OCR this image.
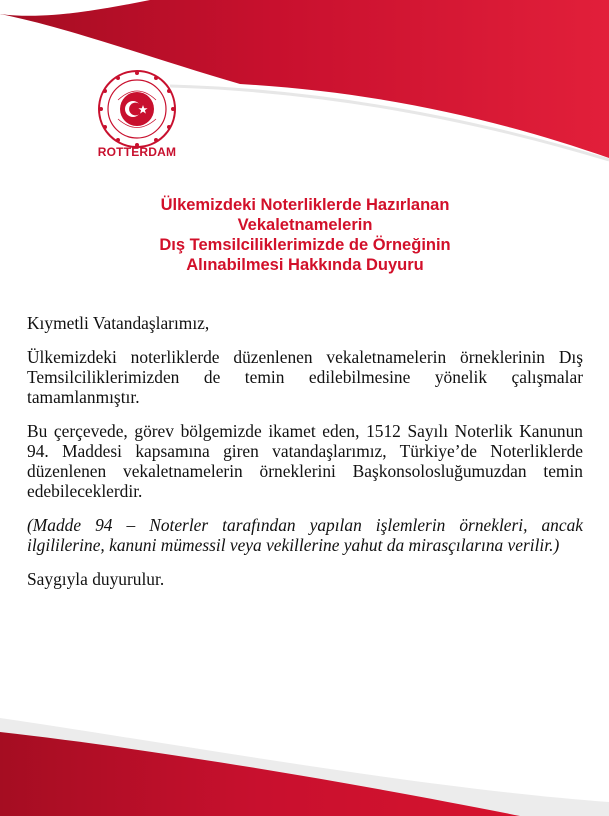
ROTTERDAM
Ülkemizdeki Noterliklerde Hazırlanan
Vekaletnamelerin
Dış Temsilciliklerimizde de Örneğinin
Alınabilmesi Hakkında Duyuru

Kıymetli Vatandaşlarımız,

Ülkemizdeki noterliklerde düzenlenen vekaletnamelerin örneklerinin Dış Temsilciliklerimizden de temin edilebilmesine yönelik çalışmalar tamamlanmıştır.

Bu çerçevede, görev bölgemizde ikamet eden, 1512 Sayılı Noterlik Kanunun 94. Maddesi kapsamına giren vatandaşlarımız, Türkiye’de Noterliklerde düzenlenen vekaletnamelerin örneklerini Başkonsolosluğumuzdan temin edebileceklerdir.

(Madde 94 – Noterler tarafından yapılan işlemlerin örnekleri, ancak ilgililerine, kanuni mümessil veya vekillerine yahut da mirasçılarına verilir.)

Saygıyla duyurulur.
